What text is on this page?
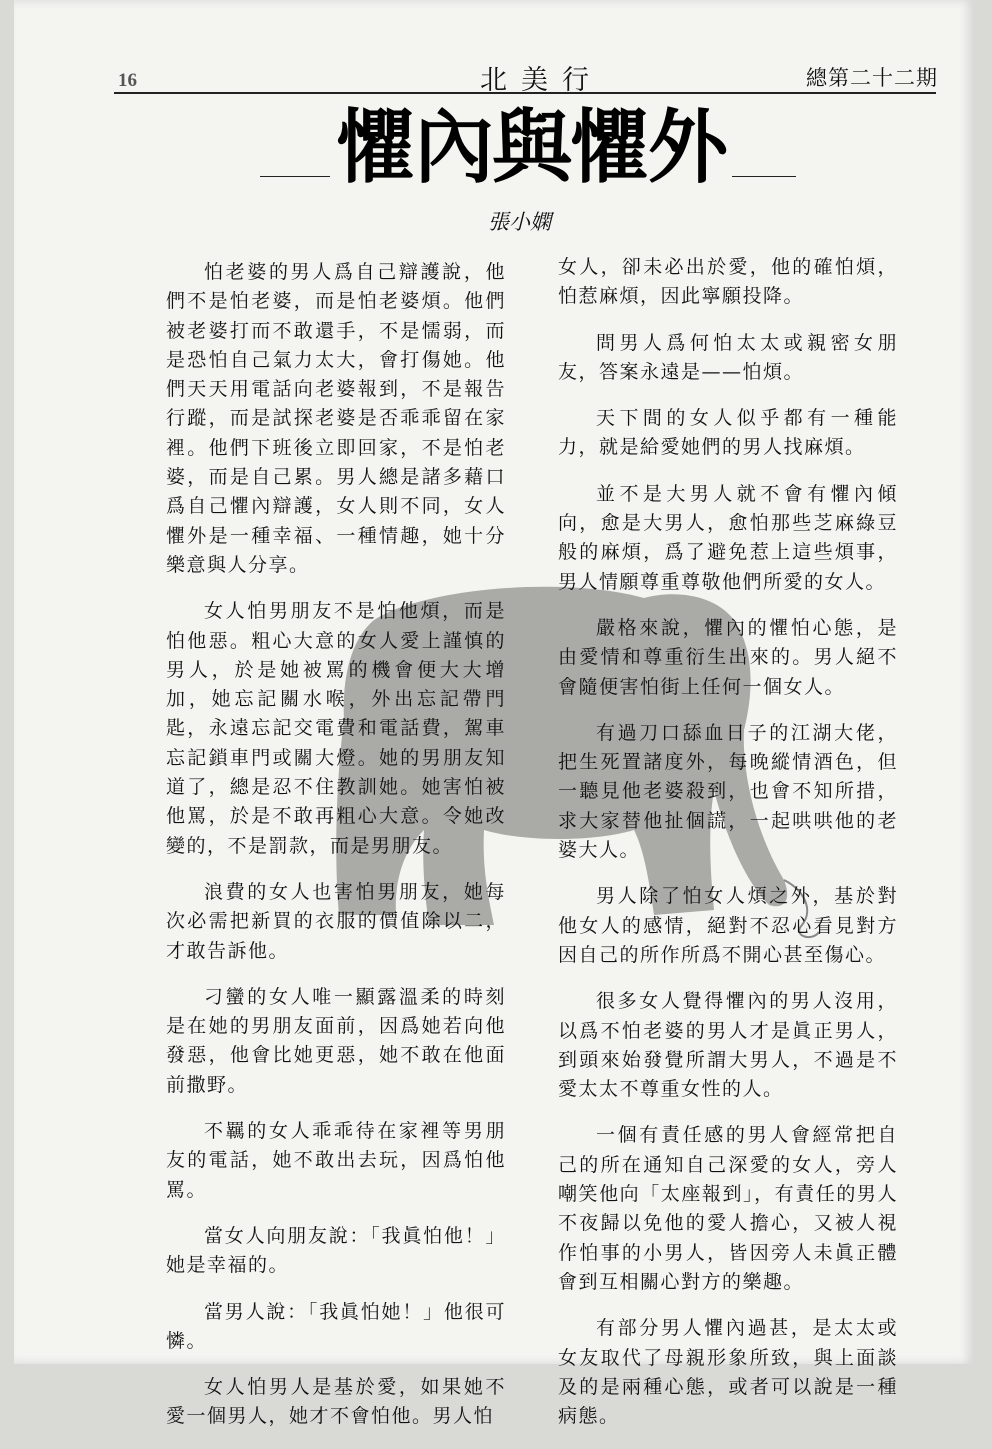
16	北美行	總第二十二期
懼內與懼外
張小嫻

怕老婆的男人爲自己辯護說，他們不是怕老婆，而是怕老婆煩。他們被老婆打而不敢還手，不是懦弱，而是恐怕自己氣力太大，會打傷她。他們天天用電話向老婆報到，不是報告行蹤，而是試探老婆是否乖乖留在家裡。他們下班後立即回家，不是怕老婆，而是自己累。男人總是諸多藉口爲自己懼內辯護，女人則不同，女人懼外是一種幸福、一種情趣，她十分樂意與人分享。

女人怕男朋友不是怕他煩，而是怕他惡。粗心大意的女人愛上謹慎的男人，於是她被罵的機會便大大增加，她忘記關水喉，外出忘記帶門匙，永遠忘記交電費和電話費，駕車忘記鎖車門或關大燈。她的男朋友知道了，總是忍不住教訓她。她害怕被他罵，於是不敢再粗心大意。令她改變的，不是罰款，而是男朋友。

浪費的女人也害怕男朋友，她每次必需把新買的衣服的價值除以二，才敢告訴他。

刁蠻的女人唯一顯露溫柔的時刻是在她的男朋友面前，因爲她若向他發惡，他會比她更惡，她不敢在他面前撒野。

不羈的女人乖乖待在家裡等男朋友的電話，她不敢出去玩，因爲怕他罵。

當女人向朋友說：「我眞怕他！」她是幸福的。

當男人說：「我眞怕她！」他很可憐。

女人怕男人是基於愛，如果她不愛一個男人，她才不會怕他。男人怕

女人，卻未必出於愛，他的確怕煩，怕惹麻煩，因此寧願投降。

問男人爲何怕太太或親密女朋友，答案永遠是——怕煩。

天下間的女人似乎都有一種能力，就是給愛她們的男人找麻煩。

並不是大男人就不會有懼內傾向，愈是大男人，愈怕那些芝麻綠豆般的麻煩，爲了避免惹上這些煩事，男人情願尊重尊敬他們所愛的女人。

嚴格來說，懼內的懼怕心態，是由愛情和尊重衍生出來的。男人絕不會隨便害怕街上任何一個女人。

有過刀口舔血日子的江湖大佬，把生死置諸度外，每晚縱情酒色，但一聽見他老婆殺到，也會不知所措，求大家替他扯個謊，一起哄哄他的老婆大人。

男人除了怕女人煩之外，基於對他女人的感情，絕對不忍心看見對方因自己的所作所爲不開心甚至傷心。

很多女人覺得懼內的男人沒用，以爲不怕老婆的男人才是眞正男人，到頭來始發覺所謂大男人，不過是不愛太太不尊重女性的人。

一個有責任感的男人會經常把自己的所在通知自己深愛的女人，旁人嘲笑他向「太座報到」，有責任的男人不夜歸以免他的愛人擔心，又被人視作怕事的小男人，皆因旁人未眞正體會到互相關心對方的樂趣。

有部分男人懼內過甚，是太太或女友取代了母親形象所致，與上面談及的是兩種心態，或者可以說是一種病態。
